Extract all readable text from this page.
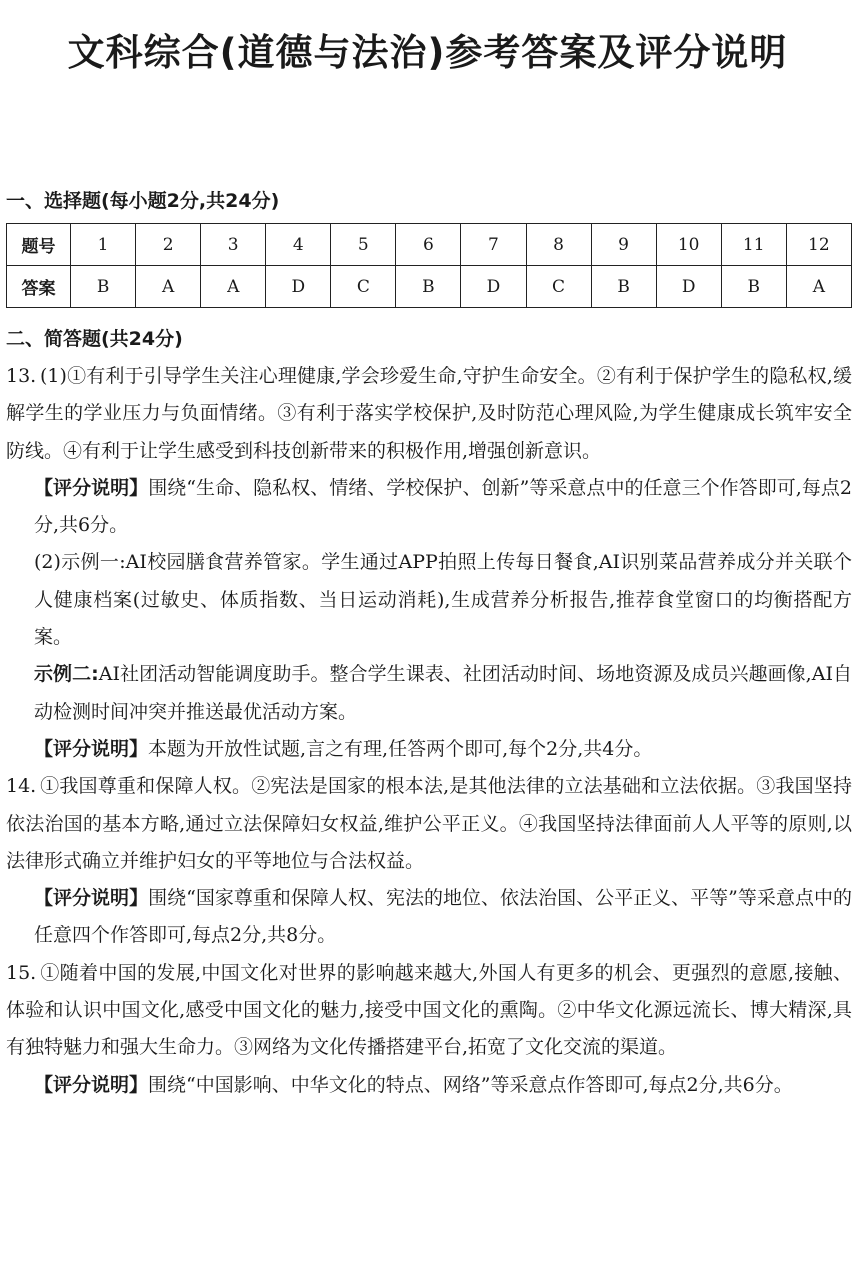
文科综合(道德与法治)参考答案及评分说明
一、选择题(每小题2分,共24分)
题号	1	2	3	4	5	6	7	8	9	10	11	12
答案	B	A	A	D	C	B	D	C	B	D	B	A
二、简答题(共24分)

13. (1)①有利于引导学生关注心理健康,学会珍爱生命,守护生命安全。②有利于保护学生的隐私权,缓解学生的学业压力与负面情绪。③有利于落实学校保护,及时防范心理风险,为学生健康成长筑牢安全防线。④有利于让学生感受到科技创新带来的积极作用,增强创新意识。

【评分说明】围绕“生命、隐私权、情绪、学校保护、创新”等采意点中的任意三个作答即可,每点2分,共6分。

(2)示例一:AI校园膳食营养管家。学生通过APP拍照上传每日餐食,AI识别菜品营养成分并关联个人健康档案(过敏史、体质指数、当日运动消耗),生成营养分析报告,推荐食堂窗口的均衡搭配方案。

示例二:AI社团活动智能调度助手。整合学生课表、社团活动时间、场地资源及成员兴趣画像,AI自动检测时间冲突并推送最优活动方案。

【评分说明】本题为开放性试题,言之有理,任答两个即可,每个2分,共4分。

14. ①我国尊重和保障人权。②宪法是国家的根本法,是其他法律的立法基础和立法依据。③我国坚持依法治国的基本方略,通过立法保障妇女权益,维护公平正义。④我国坚持法律面前人人平等的原则,以法律形式确立并维护妇女的平等地位与合法权益。

【评分说明】围绕“国家尊重和保障人权、宪法的地位、依法治国、公平正义、平等”等采意点中的任意四个作答即可,每点2分,共8分。

15. ①随着中国的发展,中国文化对世界的影响越来越大,外国人有更多的机会、更强烈的意愿,接触、体验和认识中国文化,感受中国文化的魅力,接受中国文化的熏陶。②中华文化源远流长、博大精深,具有独特魅力和强大生命力。③网络为文化传播搭建平台,拓宽了文化交流的渠道。

【评分说明】围绕“中国影响、中华文化的特点、网络”等采意点作答即可,每点2分,共6分。
